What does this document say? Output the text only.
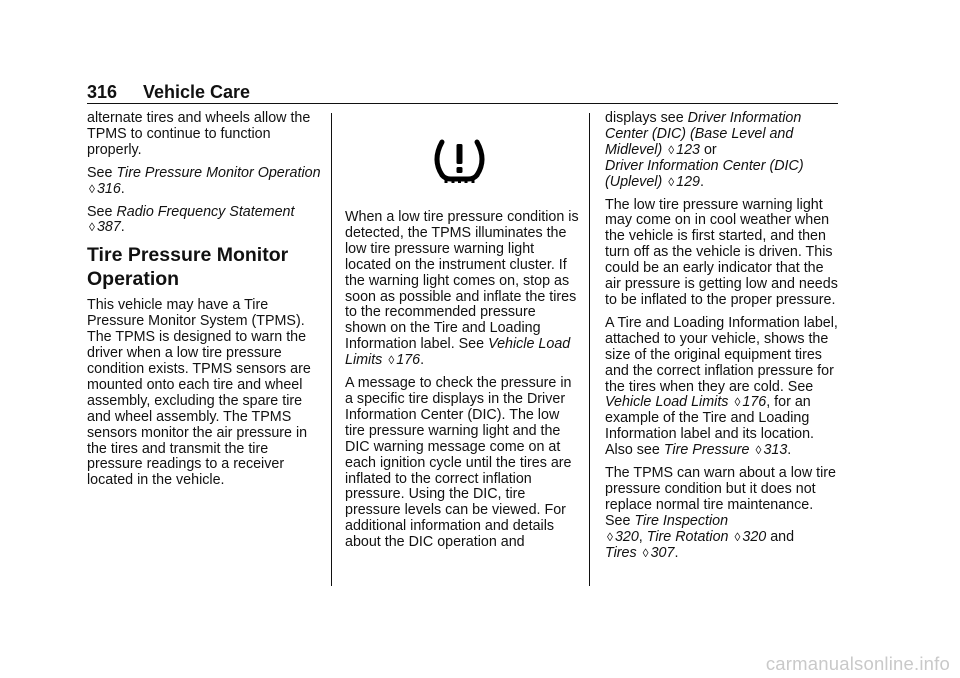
316 Vehicle Care

alternate tires and wheels allow the TPMS to continue to function properly.

See Tire Pressure Monitor Operation ◊ 316.

See Radio Frequency Statement
◊ 387.

Tire Pressure Monitor Operation

This vehicle may have a Tire Pressure Monitor System (TPMS). The TPMS is designed to warn the driver when a low tire pressure condition exists. TPMS sensors are mounted onto each tire and wheel assembly, excluding the spare tire and wheel assembly. The TPMS sensors monitor the air pressure in the tires and transmit the tire pressure readings to a receiver located in the vehicle.

When a low tire pressure condition is detected, the TPMS illuminates the low tire pressure warning light located on the instrument cluster. If the warning light comes on, stop as soon as possible and inflate the tires to the recommended pressure shown on the Tire and Loading Information label. See Vehicle Load Limits ◊ 176.

A message to check the pressure in a specific tire displays in the Driver Information Center (DIC). The low tire pressure warning light and the DIC warning message come on at each ignition cycle until the tires are inflated to the correct inflation pressure. Using the DIC, tire pressure levels can be viewed. For additional information and details about the DIC operation and

displays see Driver Information Center (DIC) (Base Level and Midlevel) ◊ 123 or
Driver Information Center (DIC) (Uplevel) ◊ 129.

The low tire pressure warning light may come on in cool weather when the vehicle is first started, and then turn off as the vehicle is driven. This could be an early indicator that the air pressure is getting low and needs to be inflated to the proper pressure.

A Tire and Loading Information label, attached to your vehicle, shows the size of the original equipment tires and the correct inflation pressure for the tires when they are cold. See Vehicle Load Limits ◊ 176, for an example of the Tire and Loading Information label and its location. Also see Tire Pressure ◊ 313.

The TPMS can warn about a low tire pressure condition but it does not replace normal tire maintenance. See Tire Inspection
◊ 320, Tire Rotation ◊ 320 and
Tires ◊ 307.

carmanualsonline.info
